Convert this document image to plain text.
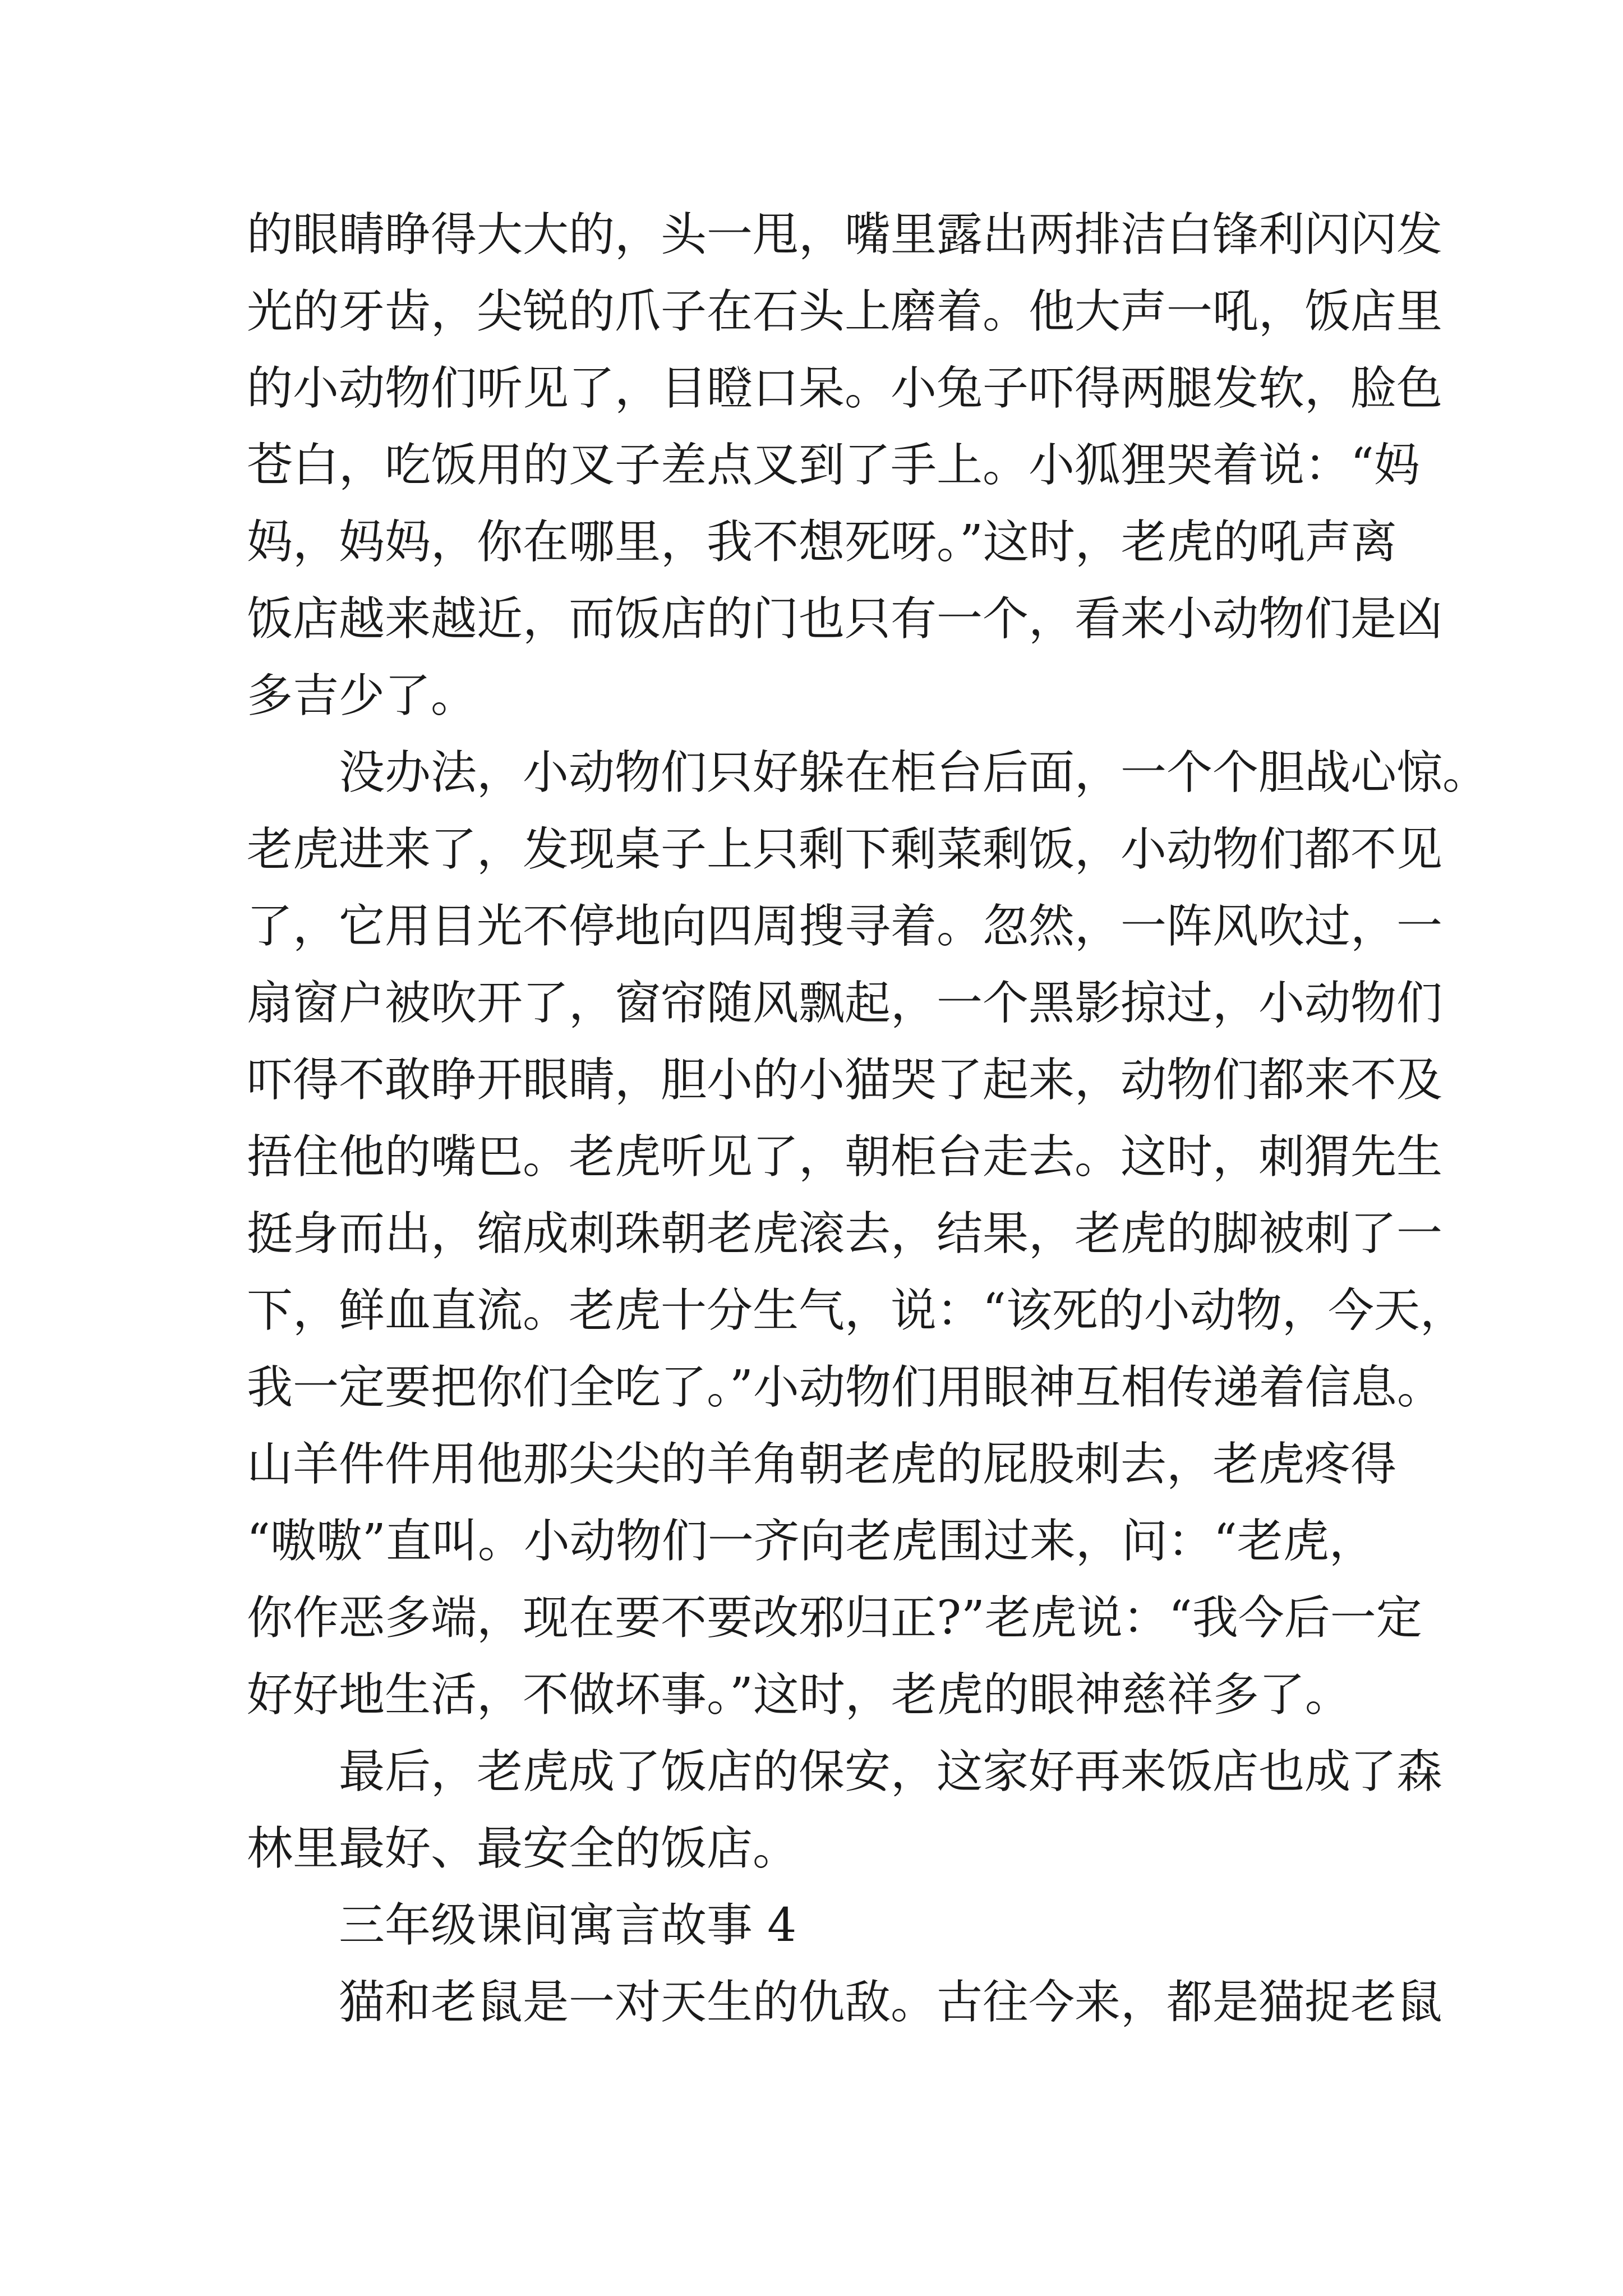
的眼睛睁得大大的，头一甩，嘴里露出两排洁白锋利闪闪发
光的牙齿，尖锐的爪子在石头上磨着。他大声一吼，饭店里
的小动物们听见了，目瞪口呆。小兔子吓得两腿发软，脸色
苍白，吃饭用的叉子差点叉到了手上。小狐狸哭着说：“妈
妈，妈妈，你在哪里，我不想死呀。”这时，老虎的吼声离
饭店越来越近，而饭店的门也只有一个，看来小动物们是凶
多吉少了。
没办法，小动物们只好躲在柜台后面，一个个胆战心惊。
老虎进来了，发现桌子上只剩下剩菜剩饭，小动物们都不见
了，它用目光不停地向四周搜寻着。忽然，一阵风吹过，一
扇窗户被吹开了，窗帘随风飘起，一个黑影掠过，小动物们
吓得不敢睁开眼睛，胆小的小猫哭了起来，动物们都来不及
捂住他的嘴巴。老虎听见了，朝柜台走去。这时，刺猬先生
挺身而出，缩成刺珠朝老虎滚去，结果，老虎的脚被刺了一
下，鲜血直流。老虎十分生气，说：“该死的小动物，今天，
我一定要把你们全吃了。”小动物们用眼神互相传递着信息。
山羊件件用他那尖尖的羊角朝老虎的屁股刺去，老虎疼得
“嗷嗷”直叫。小动物们一齐向老虎围过来，问：“老虎，
你作恶多端，现在要不要改邪归正?”老虎说：“我今后一定
好好地生活，不做坏事。”这时，老虎的眼神慈祥多了。
最后，老虎成了饭店的保安，这家好再来饭店也成了森
林里最好、最安全的饭店。
三年级课间寓言故事 4
猫和老鼠是一对天生的仇敌。古往今来，都是猫捉老鼠
